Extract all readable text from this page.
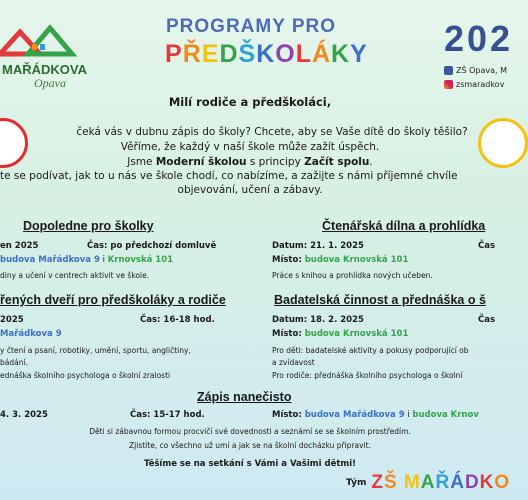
MAŘÁDKOVA
Opava
PROGRAMY PRO
PŘEDŠKOLÁKY 202
ZŠ Opava, M
zsmaradkov
Milí rodiče a předškoláci,
čeká vás v dubnu zápis do školy? Chcete, aby se Vaše dítě do školy těšilo?
Věříme, že každý v naší škole může zažít úspěch.
Jsme Moderní školou s principy Začít spolu.
te se podívat, jak to u nás ve škole chodí, co nabízíme, a zažijte s námi příjemné chvíle
objevování, učení a zábavy.
Dopoledne pro školky
en 2025	Čas: po předchozí domluvě
budova Mařádkova 9 i Krnovská 101
diny a učení v centrech aktivit ve škole.
Čtenářská dílna a prohlídka
Datum: 21. 1. 2025	Čas
Místo: budova Krnovská 101
Práce s knihou a prohlídka nových učeben.
řených dveří pro předškoláky a rodiče
2025	Čas: 16-18 hod.
Mařádkova 9
y čtení a psaní, robotiky, umění, sportu, angličtiny,
bádání.
ednáška školního psychologa o školní zralosti
Badatelská činnost a přednáška o š
Datum: 18. 2. 2025	Čas
Místo: budova Krnovská 101
Pro děti: badatelské aktivity a pokusy podporující ob
a zvídavost
Pro rodiče: přednáška školního psychologa o školní
Zápis nanečisto
4. 3. 2025	Čas: 15-17 hod.	Místo: budova Mařádkova 9 i budova Krnov
Děti si zábavnou formou procvičí své dovednosti a seznámí se se školním prostředím.
Zjistíte, co všechno už umí a jak se na školní docházku připravit.
Těšíme se na setkání s Vámi a Vašimi dětmi!
Tým ZŠ MAŘÁDKO
